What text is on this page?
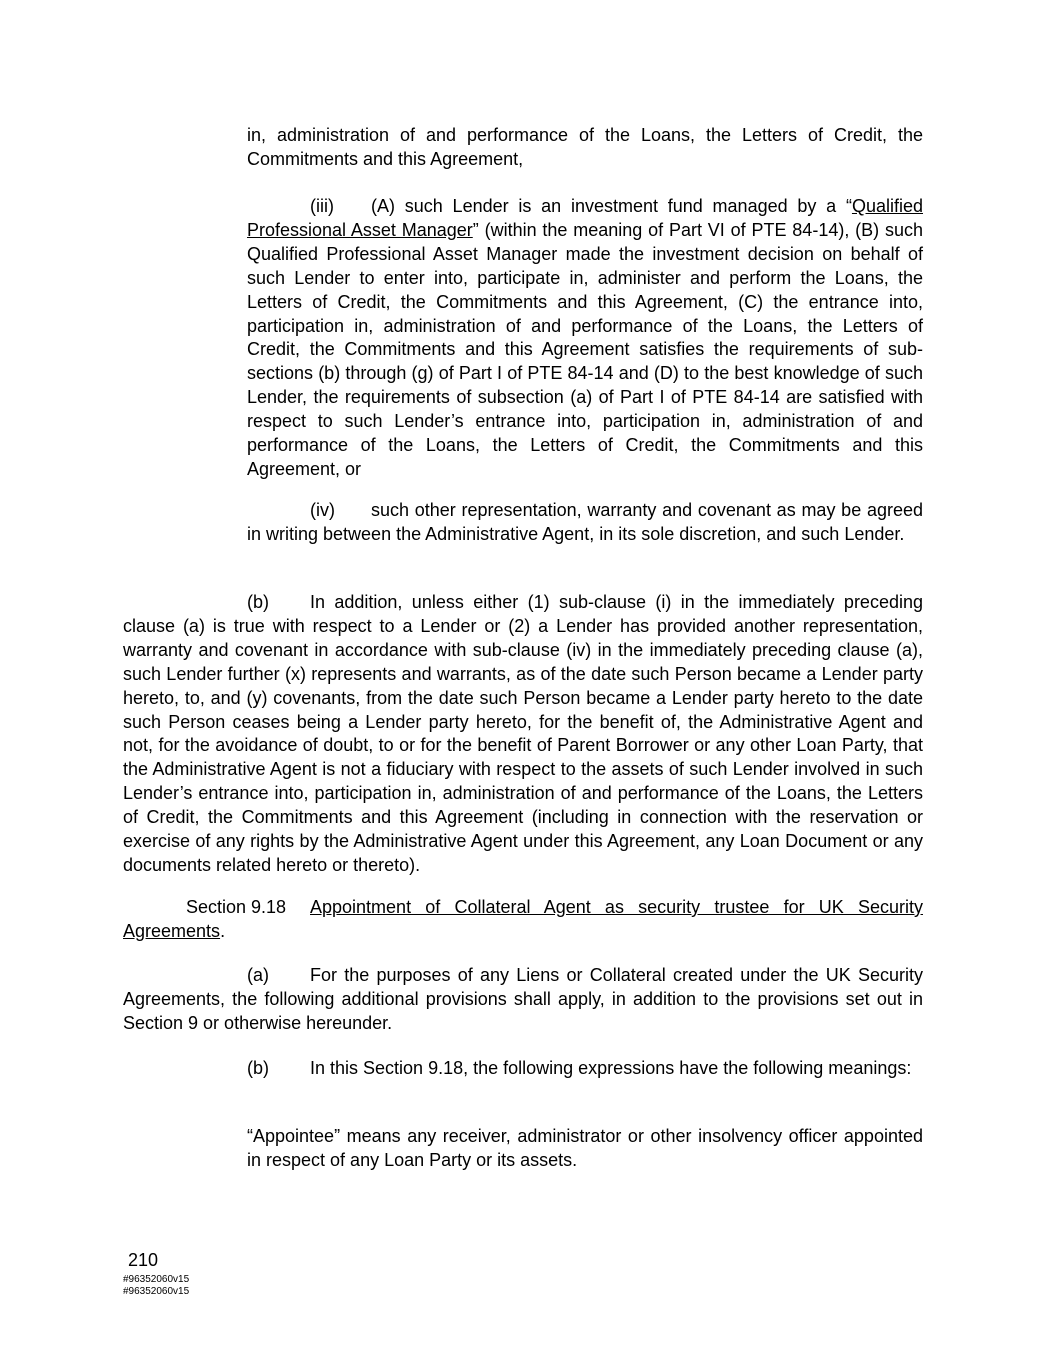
in, administration of and performance of the Loans, the Letters of Credit, the Commitments and this Agreement,

(iii) (A) such Lender is an investment fund managed by a “Qualified Professional Asset Manager” (within the meaning of Part VI of PTE 84-14), (B) such Qualified Professional Asset Manager made the investment decision on behalf of such Lender to enter into, participate in, administer and perform the Loans, the Letters of Credit, the Commitments and this Agreement, (C) the entrance into, participation in, administration of and performance of the Loans, the Letters of Credit, the Commitments and this Agreement satisfies the requirements of sub-sections (b) through (g) of Part I of PTE 84-14 and (D) to the best knowledge of such Lender, the requirements of subsection (a) of Part I of PTE 84-14 are satisfied with respect to such Lender’s entrance into, participation in, administration of and performance of the Loans, the Letters of Credit, the Commitments and this Agreement, or

(iv) such other representation, warranty and covenant as may be agreed in writing between the Administrative Agent, in its sole discretion, and such Lender.

(b) In addition, unless either (1) sub-clause (i) in the immediately preceding clause (a) is true with respect to a Lender or (2) a Lender has provided another representation, warranty and covenant in accordance with sub-clause (iv) in the immediately preceding clause (a), such Lender further (x) represents and warrants, as of the date such Person became a Lender party hereto, to, and (y) covenants, from the date such Person became a Lender party hereto to the date such Person ceases being a Lender party hereto, for the benefit of, the Administrative Agent and not, for the avoidance of doubt, to or for the benefit of Parent Borrower or any other Loan Party, that the Administrative Agent is not a fiduciary with respect to the assets of such Lender involved in such Lender’s entrance into, participation in, administration of and performance of the Loans, the Letters of Credit, the Commitments and this Agreement (including in connection with the reservation or exercise of any rights by the Administrative Agent under this Agreement, any Loan Document or any documents related hereto or thereto).

Section 9.18 Appointment of Collateral Agent as security trustee for UK Security Agreements.

(a) For the purposes of any Liens or Collateral created under the UK Security Agreements, the following additional provisions shall apply, in addition to the provisions set out in Section 9 or otherwise hereunder.

(b) In this Section 9.18, the following expressions have the following meanings:

“Appointee” means any receiver, administrator or other insolvency officer appointed in respect of any Loan Party or its assets.

210
#96352060v15
#96352060v15
